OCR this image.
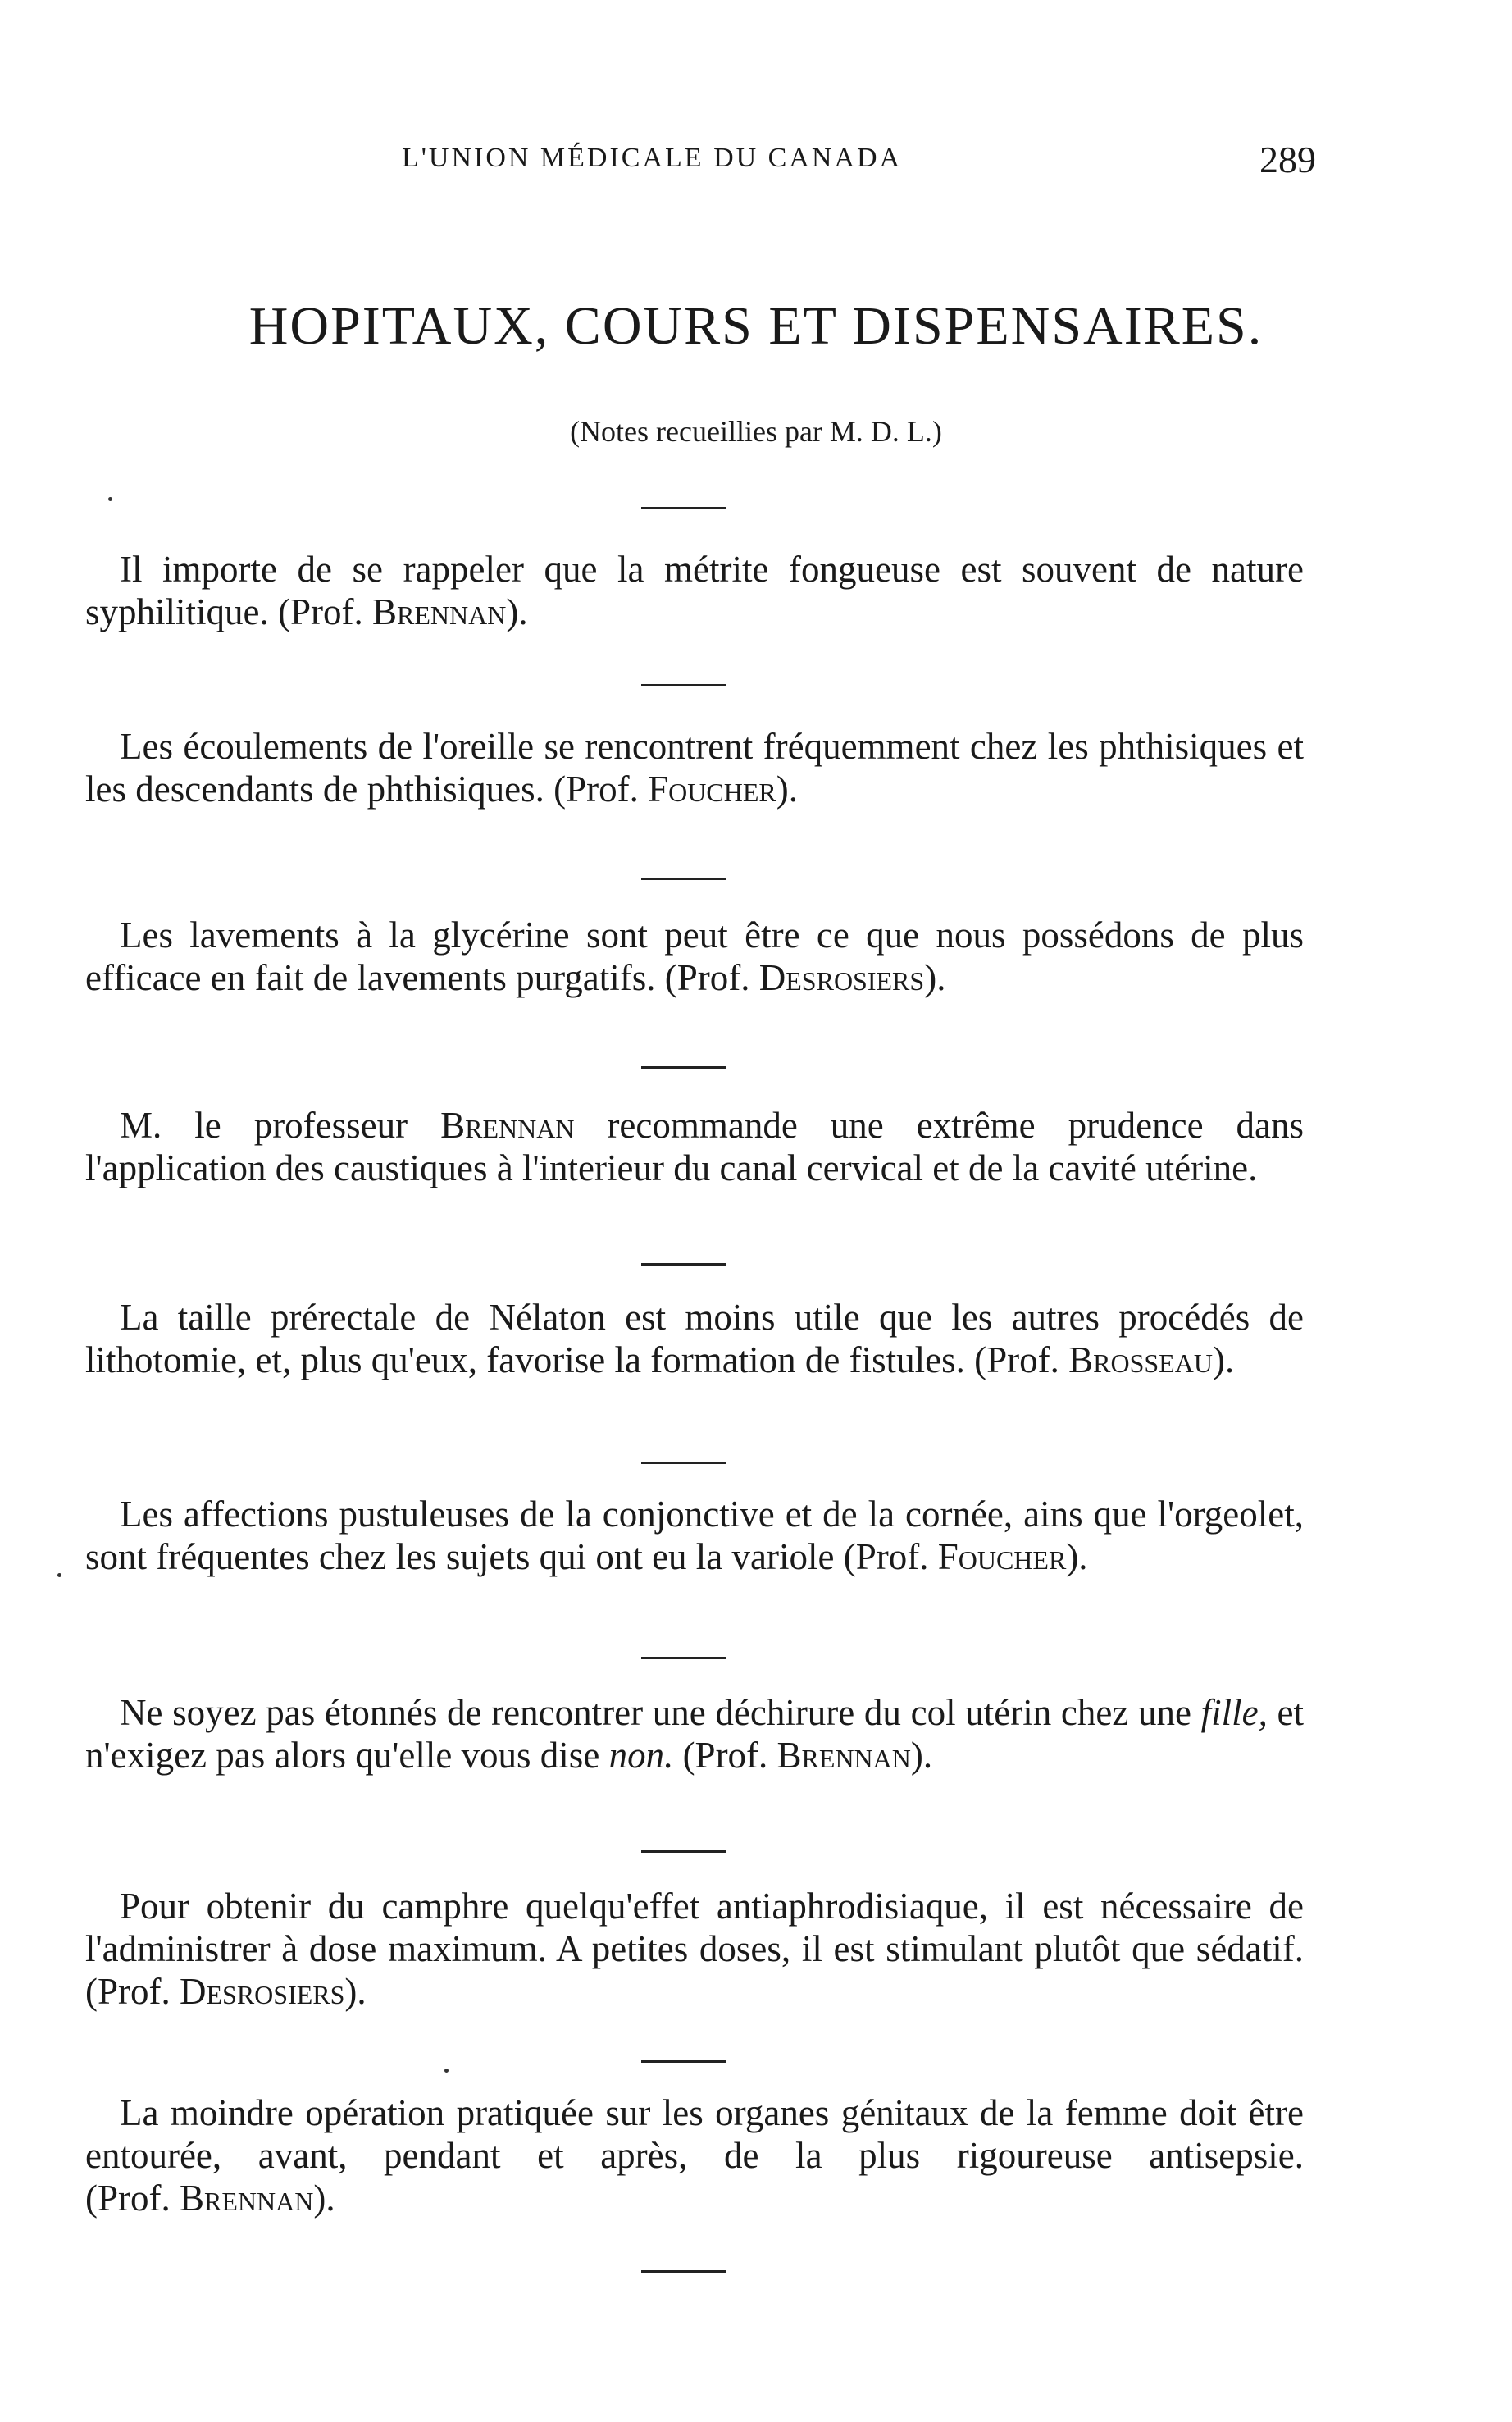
L'UNION MÉDICALE DU CANADA	289
HOPITAUX, COURS ET DISPENSAIRES.
(Notes recueillies par M. D. L.)
Il importe de se rappeler que la métrite fongueuse est souvent de nature syphilitique. (Prof. Brennan).
Les écoulements de l'oreille se rencontrent fréquemment chez les phthisiques et les descendants de phthisiques. (Prof. Foucher).
Les lavements à la glycérine sont peut être ce que nous possédons de plus efficace en fait de lavements purgatifs. (Prof. Desrosiers).
M. le professeur Brennan recommande une extrême prudence dans l'application des caustiques à l'interieur du canal cervical et de la cavité utérine.
La taille prérectale de Nélaton est moins utile que les autres procédés de lithotomie, et, plus qu'eux, favorise la formation de fistules. (Prof. Brosseau).
Les affections pustuleuses de la conjonctive et de la cornée, ains que l'orgeolet, sont fréquentes chez les sujets qui ont eu la variole (Prof. Foucher).
Ne soyez pas étonnés de rencontrer une déchirure du col utérin chez une fille, et n'exigez pas alors qu'elle vous dise non. (Prof. Brennan).
Pour obtenir du camphre quelqu'effet antiaphrodisiaque, il est nécessaire de l'administrer à dose maximum. A petites doses, il est stimulant plutôt que sédatif. (Prof. Desrosiers).
La moindre opération pratiquée sur les organes génitaux de la femme doit être entourée, avant, pendant et après, de la plus rigoureuse antisepsie. (Prof. Brennan).
